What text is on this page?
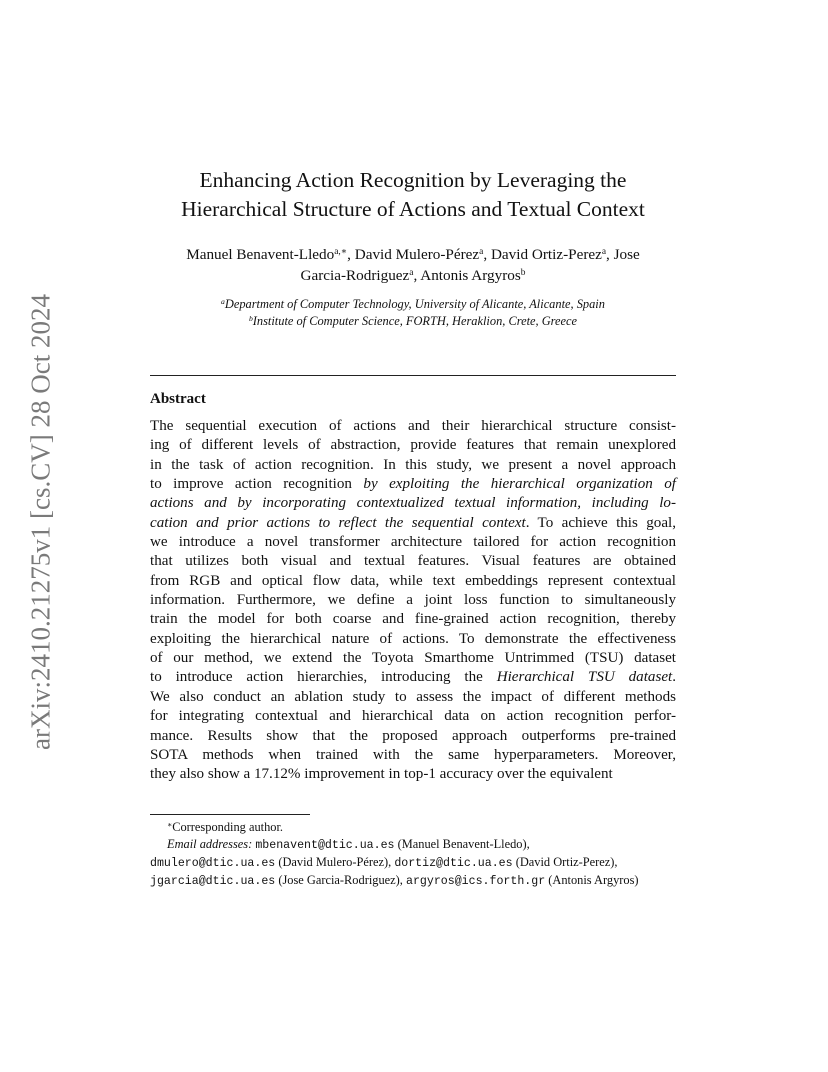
arXiv:2410.21275v1 [cs.CV] 28 Oct 2024
Enhancing Action Recognition by Leveraging the
Hierarchical Structure of Actions and Textual Context
Manuel Benavent-Lledo$^{a,∗}$, David Mulero-Pérez$^a$, David Ortiz-Perez$^a$, Jose
Garcia-Rodriguez$^a$, Antonis Argyros$^b$
$^a$Department of Computer Technology, University of Alicante, Alicante, Spain
$^b$Institute of Computer Science, FORTH, Heraklion, Crete, Greece
Abstract
The sequential execution of actions and their hierarchical structure consist-
ing of different levels of abstraction, provide features that remain unexplored
in the task of action recognition. In this study, we present a novel approach
to improve action recognition by exploiting the hierarchical organization of
actions and by incorporating contextualized textual information, including lo-
cation and prior actions to reflect the sequential context. To achieve this goal,
we introduce a novel transformer architecture tailored for action recognition
that utilizes both visual and textual features. Visual features are obtained
from RGB and optical flow data, while text embeddings represent contextual
information. Furthermore, we define a joint loss function to simultaneously
train the model for both coarse and fine-grained action recognition, thereby
exploiting the hierarchical nature of actions. To demonstrate the effectiveness
of our method, we extend the Toyota Smarthome Untrimmed (TSU) dataset
to introduce action hierarchies, introducing the Hierarchical TSU dataset.
We also conduct an ablation study to assess the impact of different methods
for integrating contextual and hierarchical data on action recognition perfor-
mance. Results show that the proposed approach outperforms pre-trained
SOTA methods when trained with the same hyperparameters. Moreover,
they also show a 17.12% improvement in top-1 accuracy over the equivalent
∗Corresponding author.
Email addresses: mbenavent@dtic.ua.es (Manuel Benavent-Lledo),
dmulero@dtic.ua.es (David Mulero-Pérez), dortiz@dtic.ua.es (David Ortiz-Perez),
jgarcia@dtic.ua.es (Jose Garcia-Rodriguez), argyros@ics.forth.gr (Antonis Argyros)
